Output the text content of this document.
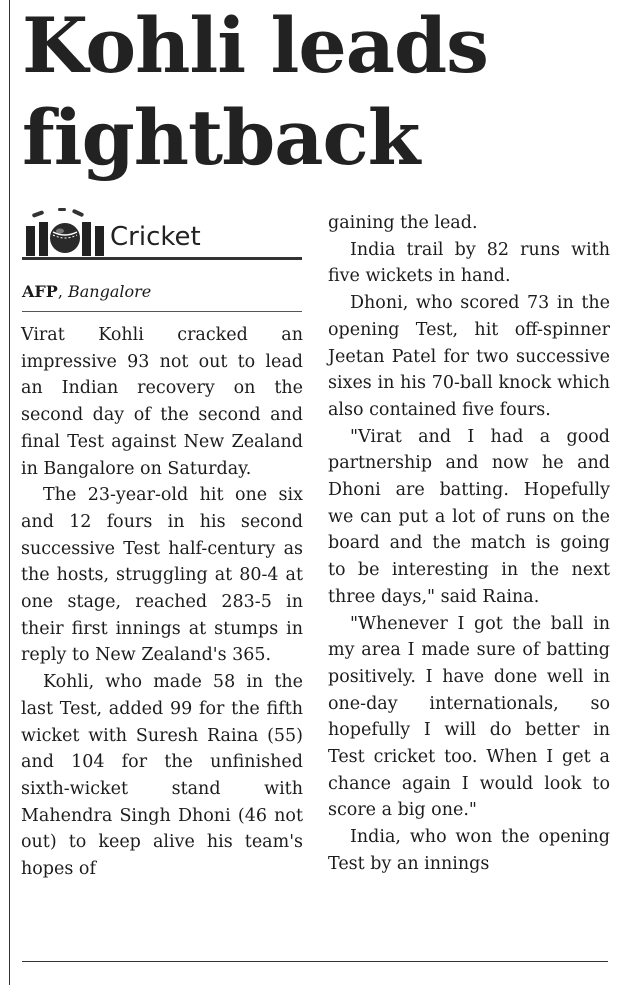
Kohli leads fightback
Cricket
AFP, Bangalore

Virat Kohli cracked an impressive 93 not out to lead an Indian recovery on the second day of the second and final Test against New Zealand in Bangalore on Saturday.

The 23-year-old hit one six and 12 fours in his second successive Test half-century as the hosts, struggling at 80-4 at one stage, reached 283-5 in their first innings at stumps in reply to New Zealand's 365.

Kohli, who made 58 in the last Test, added 99 for the fifth wicket with Suresh Raina (55) and 104 for the unfinished sixth-wicket stand with Mahendra Singh Dhoni (46 not out) to keep alive his team's hopes of

gaining the lead.

India trail by 82 runs with five wickets in hand.

Dhoni, who scored 73 in the opening Test, hit off-spinner Jeetan Patel for two successive sixes in his 70-ball knock which also contained five fours.

"Virat and I had a good partnership and now he and Dhoni are batting. Hopefully we can put a lot of runs on the board and the match is going to be interesting in the next three days," said Raina.

"Whenever I got the ball in my area I made sure of batting positively. I have done well in one-day internationals, so hopefully I will do better in Test cricket too. When I get a chance again I would look to score a big one."

India, who won the opening Test by an innings
